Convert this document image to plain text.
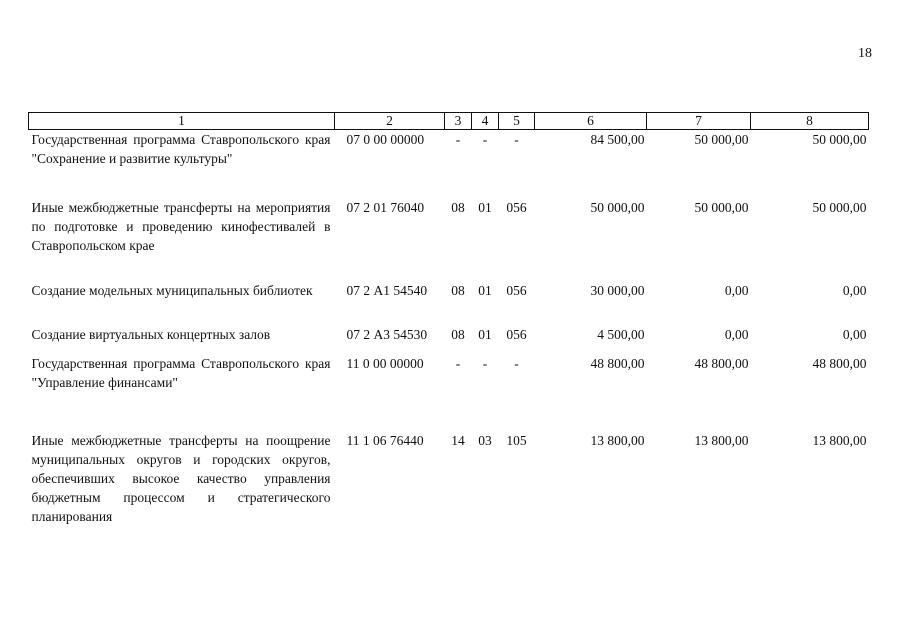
18
1	2	3	4	5	6	7	8
Государственная программа Ставропольского края "Сохранение и развитие культуры"	07 0 00 00000	-	-	-	84 500,00	50 000,00	50 000,00
Иные межбюджетные трансферты на мероприятия по подготовке и проведению кинофестивалей в Ставропольском крае	07 2 01 76040	08	01	056	50 000,00	50 000,00	50 000,00
Создание модельных муниципальных библиотек	07 2 А1 54540	08	01	056	30 000,00	0,00	0,00
Создание виртуальных концертных залов	07 2 А3 54530	08	01	056	4 500,00	0,00	0,00
Государственная программа Ставропольского края "Управление финансами"	11 0 00 00000	-	-	-	48 800,00	48 800,00	48 800,00
Иные межбюджетные трансферты на поощрение муниципальных округов и городских округов, обеспечивших высокое качество управления бюджетным процессом и стратегического планирования	11 1 06 76440	14	03	105	13 800,00	13 800,00	13 800,00
